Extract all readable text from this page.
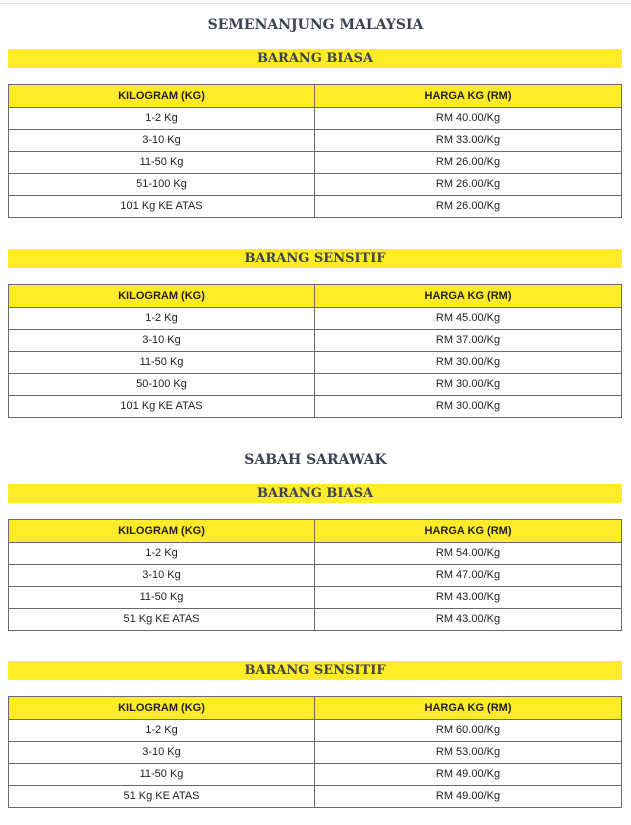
SEMENANJUNG MALAYSIA
BARANG BIASA
KILOGRAM (KG)	HARGA KG (RM)
1-2 Kg	RM 40.00/Kg
3-10 Kg	RM 33.00/Kg
11-50 Kg	RM 26.00/Kg
51-100 Kg	RM 26.00/Kg
101 Kg KE ATAS	RM 26.00/Kg
BARANG SENSITIF
KILOGRAM (KG)	HARGA KG (RM)
1-2 Kg	RM 45.00/Kg
3-10 Kg	RM 37.00/Kg
11-50 Kg	RM 30.00/Kg
50-100 Kg	RM 30.00/Kg
101 Kg KE ATAS	RM 30.00/Kg
SABAH SARAWAK
BARANG BIASA
KILOGRAM (KG)	HARGA KG (RM)
1-2 Kg	RM 54.00/Kg
3-10 Kg	RM 47.00/Kg
11-50 Kg	RM 43.00/Kg
51 Kg KE ATAS	RM 43.00/Kg
BARANG SENSITIF
KILOGRAM (KG)	HARGA KG (RM)
1-2 Kg	RM 60.00/Kg
3-10 Kg	RM 53.00/Kg
11-50 Kg	RM 49.00/Kg
51 Kg KE ATAS	RM 49.00/Kg
